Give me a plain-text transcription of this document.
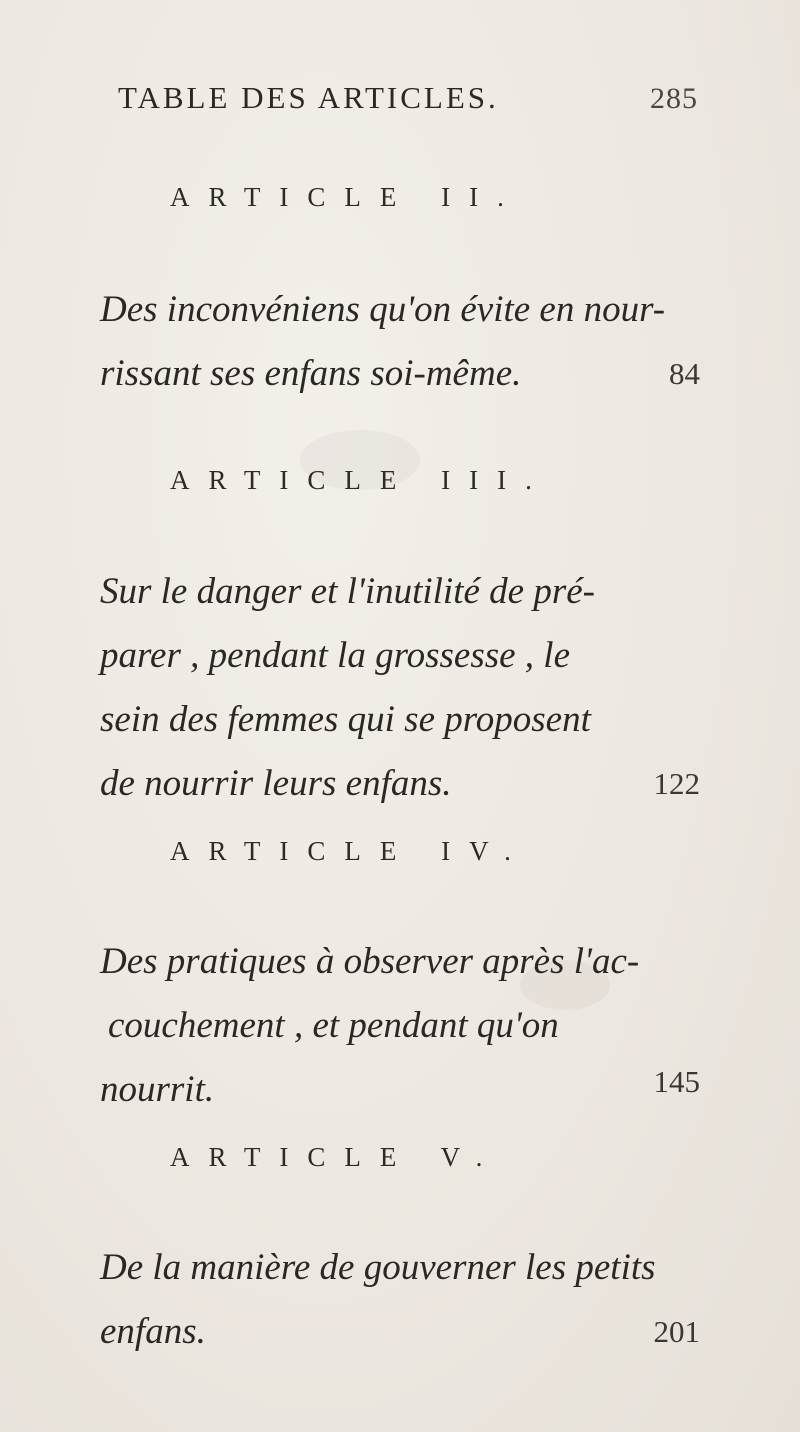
TABLE DES ARTICLES.	285
ARTICLE II.
Des inconvéniens qu'on évite en nour-
rissant ses enfans soi-même.	84
ARTICLE III.
Sur le danger et l'inutilité de pré-
parer , pendant la grossesse , le
sein des femmes qui se proposent
de nourrir leurs enfans.	122
ARTICLE IV.
Des pratiques à observer après l'ac-
couchement , et pendant qu'on
nourrit.	145
ARTICLE V.
De la manière de gouverner les petits
enfans.	201
